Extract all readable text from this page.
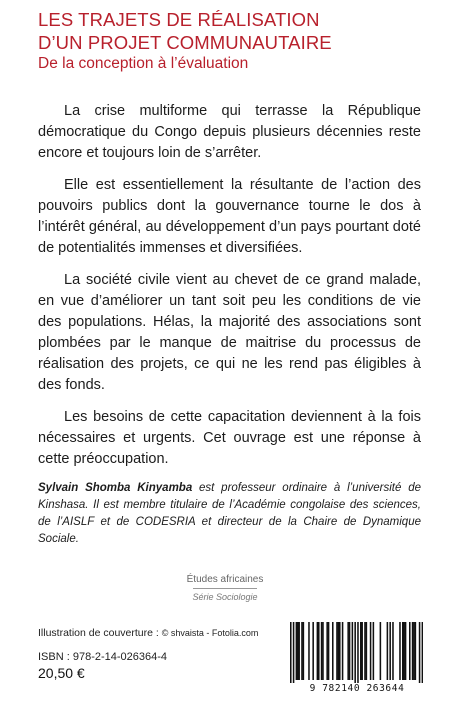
LES TRAJETS DE RÉALISATION
D’UN PROJET COMMUNAUTAIRE
De la conception à l’évaluation

La crise multiforme qui terrasse la République démocratique du Congo depuis plusieurs décennies reste encore et toujours loin de s’arrêter.

Elle est essentiellement la résultante de l’action des pouvoirs publics dont la gouvernance tourne le dos à l’intérêt général, au développement d’un pays pourtant doté de potentialités immenses et diversifiées.

La société civile vient au chevet de ce grand malade, en vue d’améliorer un tant soit peu les conditions de vie des populations. Hélas, la majorité des associations sont plombées par le manque de maitrise du processus de réalisation des projets, ce qui ne les rend pas éligibles à des fonds.

Les besoins de cette capacitation deviennent à la fois nécessaires et urgents. Cet ouvrage est une réponse à cette préoccupation.

Sylvain Shomba Kinyamba est professeur ordinaire à l’université de Kinshasa. Il est membre titulaire de l’Académie congolaise des sciences, de l’AISLF et de CODESRIA et directeur de la Chaire de Dynamique Sociale.
Études africaines
Série Sociologie
Illustration de couverture : © shvaista - Fotolia.com
ISBN : 978-2-14-026364-4
20,50 €
9 782140 263644
